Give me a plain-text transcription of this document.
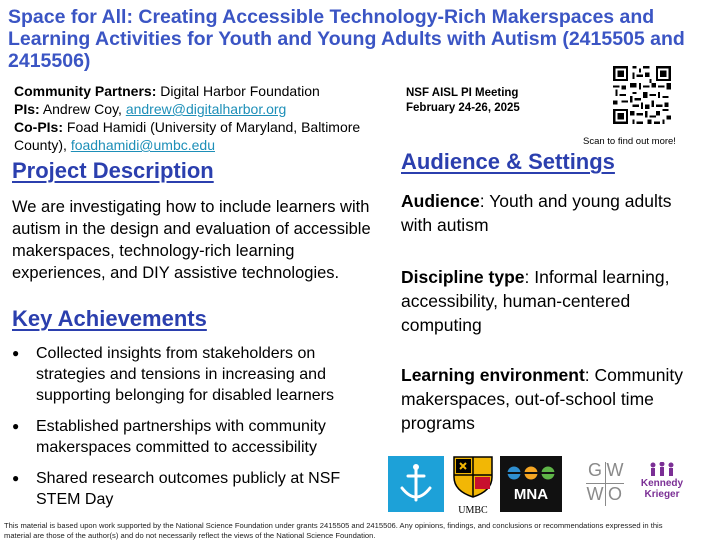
Space for All: Creating Accessible Technology-Rich Makerspaces and Learning Activities for Youth and Young Adults with Autism (2415505 and 2415506)
Community Partners: Digital Harbor Foundation
PIs: Andrew Coy, andrew@digitalharbor.org
Co-PIs: Foad Hamidi (University of Maryland, Baltimore County), foadhamidi@umbc.edu
NSF AISL PI Meeting
February 24-26, 2025
Scan to find out more!
Project Description
We are investigating how to include learners with autism in the design and evaluation of accessible makerspaces, technology-rich learning experiences, and DIY assistive technologies.
Key Achievements
● Collected insights from stakeholders on strategies and tensions in increasing and supporting belonging for disabled learners
● Established partnerships with community makerspaces committed to accessibility
● Shared research outcomes publicly at NSF STEM Day
Audience & Settings
Audience: Youth and young adults with autism
Discipline type: Informal learning, accessibility, human-centered computing
Learning environment: Community makerspaces, out-of-school time programs
UMBC
MNA
G W
W O
Kennedy
Krieger
This material is based upon work supported by the National Science Foundation under grants 2415505 and 2415506. Any opinions, findings, and conclusions or recommendations expressed in this material are those of the author(s) and do not necessarily reflect the views of the National Science Foundation.
